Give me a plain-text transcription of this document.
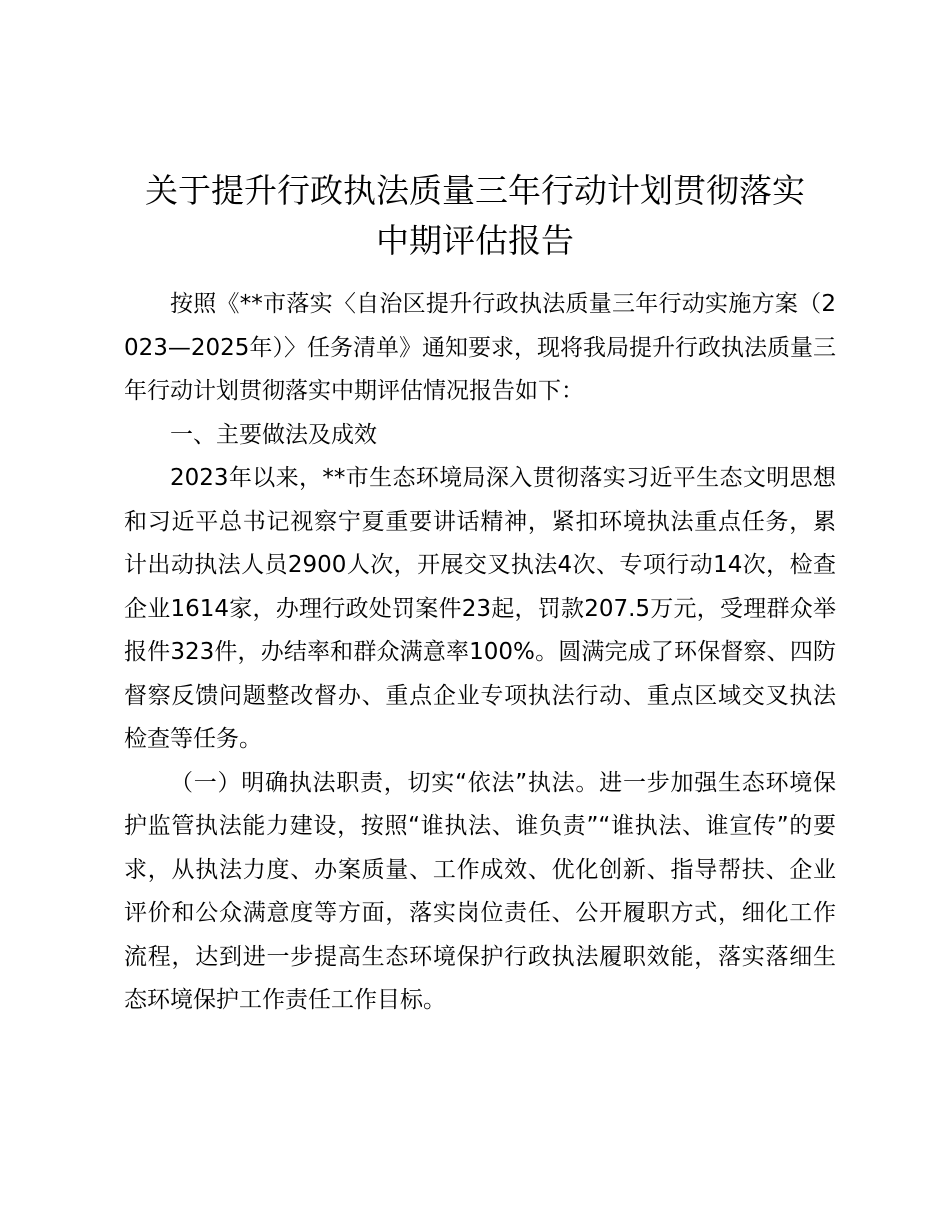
关于提升行政执法质量三年行动计划贯彻落实
中期评估报告

按照《**市落实〈自治区提升行政执法质量三年行动实施方案（2023—2025年）〉任务清单》通知要求，现将我局提升行政执法质量三年行动计划贯彻落实中期评估情况报告如下：

一、主要做法及成效

2023年以来，**市生态环境局深入贯彻落实习近平生态文明思想和习近平总书记视察宁夏重要讲话精神，紧扣环境执法重点任务，累计出动执法人员2900人次，开展交叉执法4次、专项行动14次，检查企业1614家，办理行政处罚案件23起，罚款207.5万元，受理群众举报件323件，办结率和群众满意率100%。圆满完成了环保督察、四防督察反馈问题整改督办、重点企业专项执法行动、重点区域交叉执法检查等任务。

（一）明确执法职责，切实“依法”执法。进一步加强生态环境保护监管执法能力建设，按照“谁执法、谁负责”“谁执法、谁宣传”的要求，从执法力度、办案质量、工作成效、优化创新、指导帮扶、企业评价和公众满意度等方面，落实岗位责任、公开履职方式，细化工作流程，达到进一步提高生态环境保护行政执法履职效能，落实落细生态环境保护工作责任工作目标。
